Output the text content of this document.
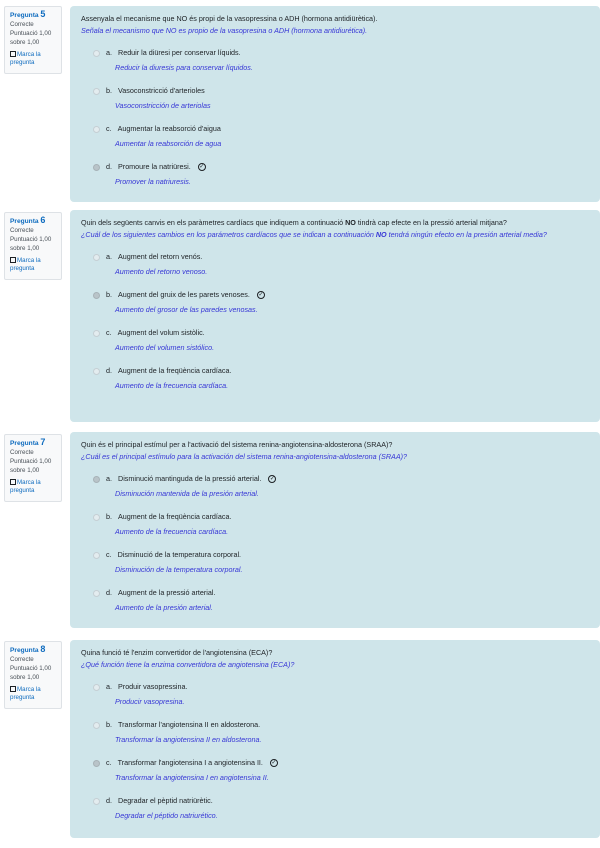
Pregunta 5
Correcte
Puntuació 1,00 sobre 1,00
Marca la pregunta
Assenyala el mecanisme que NO és propi de la vasopressina o ADH (hormona antidiürètica).
Señala el mecanismo que NO es propio de la vasopresina o ADH (hormona antidiurética).
a. Reduir la diüresi per conservar líquids.
Reducir la diuresis para conservar líquidos.
b. Vasoconstricció d'arterioles
Vasoconstricción de arteriolas
c. Augmentar la reabsorció d'aigua
Aumentar la reabsorción de agua
d. Promoure la natriüresi. ✓
Promover la natriuresis.
Pregunta 6
Correcte
Puntuació 1,00 sobre 1,00
Marca la pregunta
Quin dels següents canvis en els paràmetres cardíacs que indiquem a continuació NO tindrà cap efecte en la pressió arterial mitjana?
¿Cuál de los siguientes cambios en los parámetros cardíacos que se indican a continuación NO tendrá ningún efecto en la presión arterial media?
a. Augment del retorn venós.
Aumento del retorno venoso.
b. Augment del gruix de les parets venoses. ✓
Aumento del grosor de las paredes venosas.
c. Augment del volum sistòlic.
Aumento del volumen sistólico.
d. Augment de la freqüència cardíaca.
Aumento de la frecuencia cardíaca.
Pregunta 7
Correcte
Puntuació 1,00 sobre 1,00
Marca la pregunta
Quin és el principal estímul per a l'activació del sistema renina-angiotensina-aldosterona (SRAA)?
¿Cuál es el principal estímulo para la activación del sistema renina-angiotensina-aldosterona (SRAA)?
a. Disminució mantinguda de la pressió arterial. ✓
Disminución mantenida de la presión arterial.
b. Augment de la freqüència cardíaca.
Aumento de la frecuencia cardíaca.
c. Disminució de la temperatura corporal.
Disminución de la temperatura corporal.
d. Augment de la pressió arterial.
Aumento de la presión arterial.
Pregunta 8
Correcte
Puntuació 1,00 sobre 1,00
Marca la pregunta
Quina funció té l'enzim convertidor de l'angiotensina (ECA)?
¿Qué función tiene la enzima convertidora de angiotensina (ECA)?
a. Produir vasopressina.
Producir vasopresina.
b. Transformar l'angiotensina II en aldosterona.
Transformar la angiotensina II en aldosterona.
c. Transformar l'angiotensina I a angiotensina II. ✓
Transformar la angiotensina I en angiotensina II.
d. Degradar el pèptid natriürètic.
Degradar el péptido natriurético.
